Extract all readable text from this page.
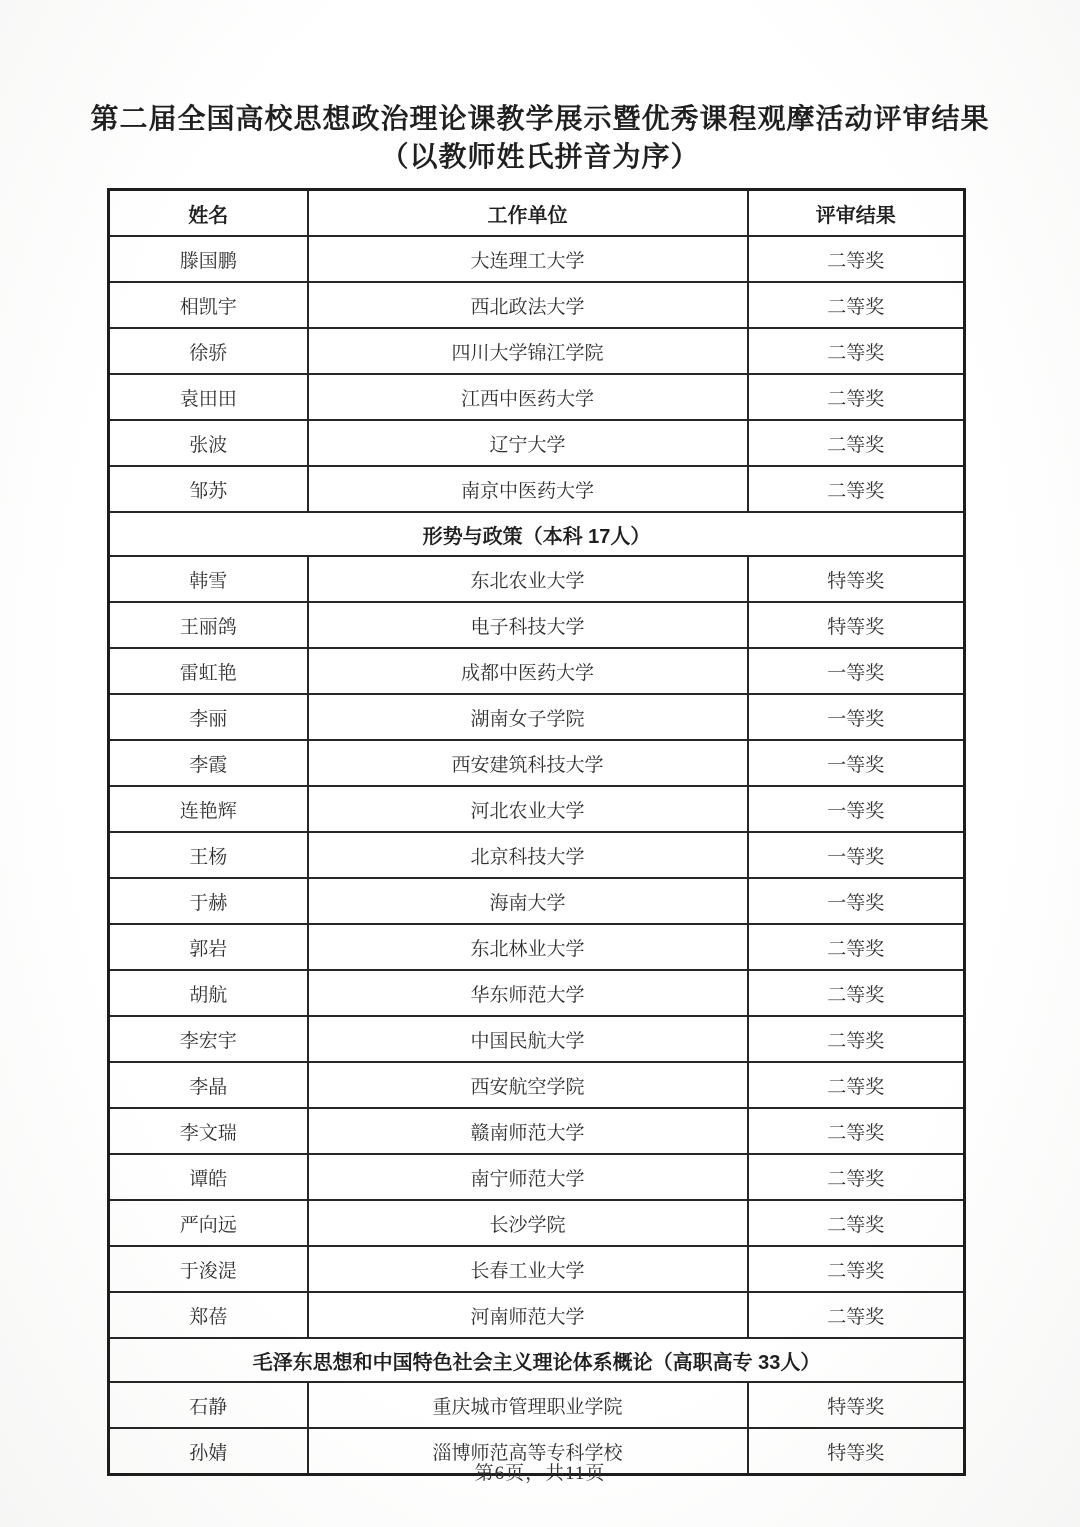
第二届全国高校思想政治理论课教学展示暨优秀课程观摩活动评审结果
（以教师姓氏拼音为序）
姓名	工作单位	评审结果
滕国鹏	大连理工大学	二等奖
相凯宇	西北政法大学	二等奖
徐骄	四川大学锦江学院	二等奖
袁田田	江西中医药大学	二等奖
张波	辽宁大学	二等奖
邹苏	南京中医药大学	二等奖
形势与政策（本科 17人）		
韩雪	东北农业大学	特等奖
王丽鸽	电子科技大学	特等奖
雷虹艳	成都中医药大学	一等奖
李丽	湖南女子学院	一等奖
李霞	西安建筑科技大学	一等奖
连艳辉	河北农业大学	一等奖
王杨	北京科技大学	一等奖
于赫	海南大学	一等奖
郭岩	东北林业大学	二等奖
胡航	华东师范大学	二等奖
李宏宇	中国民航大学	二等奖
李晶	西安航空学院	二等奖
李文瑞	赣南师范大学	二等奖
谭皓	南宁师范大学	二等奖
严向远	长沙学院	二等奖
于浚湜	长春工业大学	二等奖
郑蓓	河南师范大学	二等奖
毛泽东思想和中国特色社会主义理论体系概论（高职高专 33人）		
石静	重庆城市管理职业学院	特等奖
孙婧	淄博师范高等专科学校	特等奖
第6页，共11页
